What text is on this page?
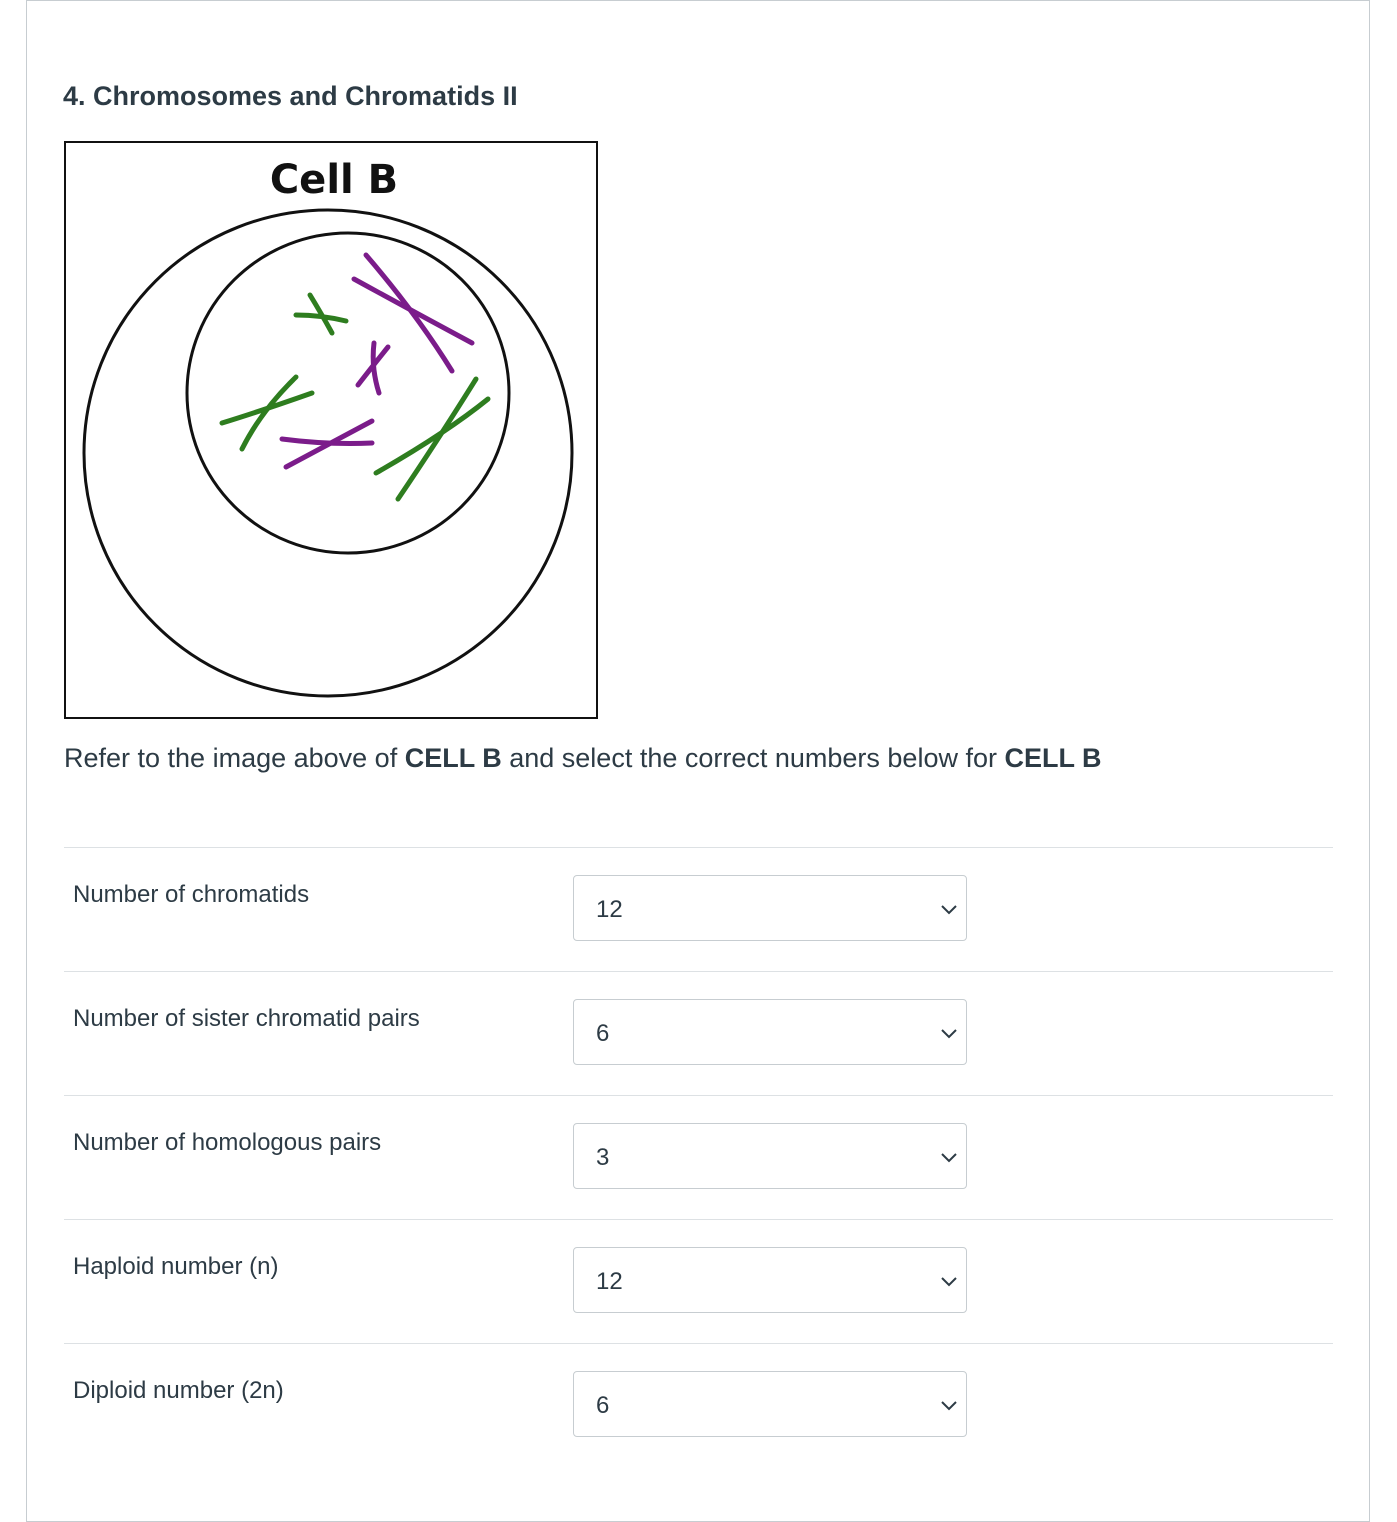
4. Chromosomes and Chromatids II
Cell B
Refer to the image above of CELL B and select the correct numbers below for CELL B
Number of chromatids
12
Number of sister chromatid pairs
6
Number of homologous pairs
3
Haploid number (n)
12
Diploid number (2n)
6
